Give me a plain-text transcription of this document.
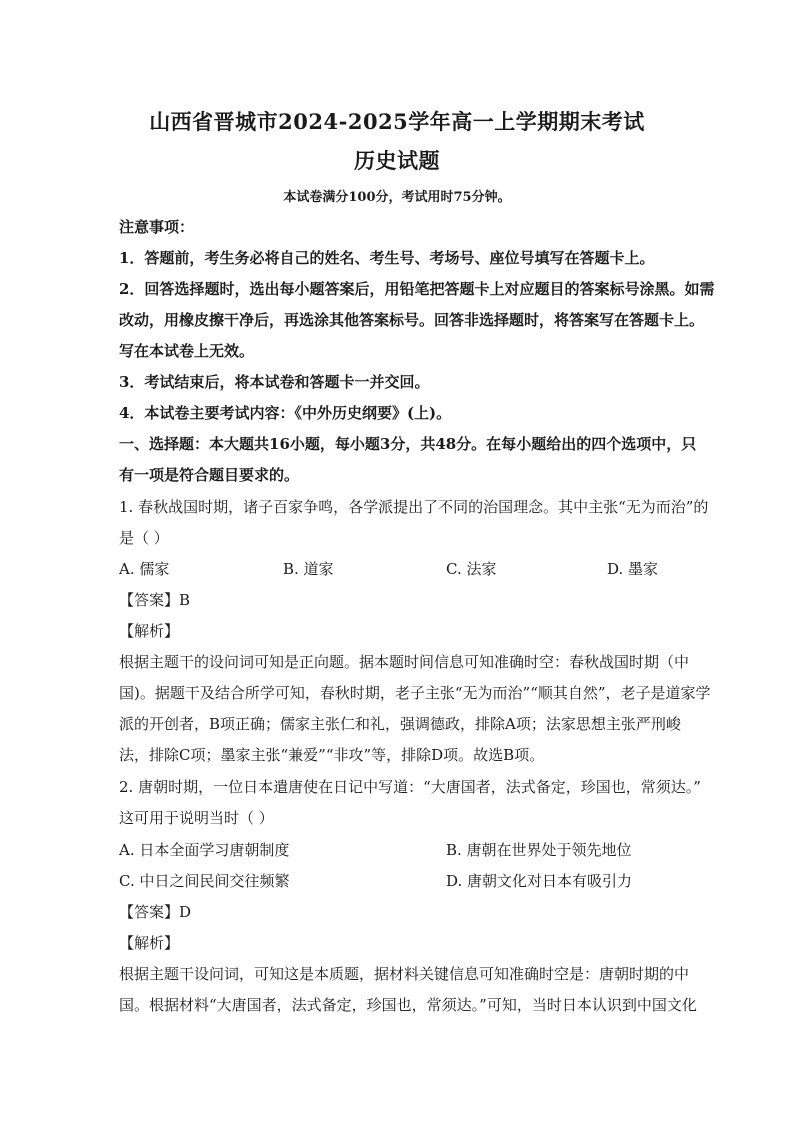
山西省晋城市2024-2025学年高一上学期期末考试
历史试题
本试卷满分100分，考试用时75分钟。
注意事项：
1．答题前，考生务必将自己的姓名、考生号、考场号、座位号填写在答题卡上。
2．回答选择题时，选出每小题答案后，用铅笔把答题卡上对应题目的答案标号涂黑。如需
改动，用橡皮擦干净后，再选涂其他答案标号。回答非选择题时，将答案写在答题卡上。
写在本试卷上无效。
3．考试结束后，将本试卷和答题卡一并交回。
4．本试卷主要考试内容：《中外历史纲要》(上)。
一、选择题：本大题共16小题，每小题3分，共48分。在每小题给出的四个选项中，只
有一项是符合题目要求的。
1. 春秋战国时期，诸子百家争鸣，各学派提出了不同的治国理念。其中主张“无为而治”的
是（ ）
A. 儒家	B. 道家	C. 法家	D. 墨家
【答案】B
【解析】
根据主题干的设问词可知是正向题。据本题时间信息可知准确时空：春秋战国时期（中
国)。据题干及结合所学可知，春秋时期，老子主张“无为而治”“顺其自然”，老子是道家学
派的开创者，B项正确；儒家主张仁和礼，强调德政，排除A项；法家思想主张严刑峻
法，排除C项；墨家主张“兼爱”“非攻”等，排除D项。故选B项。
2. 唐朝时期，一位日本遣唐使在日记中写道：“大唐国者，法式备定，珍国也，常须达。”
这可用于说明当时（ ）
A. 日本全面学习唐朝制度	B. 唐朝在世界处于领先地位
C. 中日之间民间交往频繁	D. 唐朝文化对日本有吸引力
【答案】D
【解析】
根据主题干设问词，可知这是本质题，据材料关键信息可知准确时空是：唐朝时期的中
国。根据材料“大唐国者，法式备定，珍国也，常须达。”可知，当时日本认识到中国文化
